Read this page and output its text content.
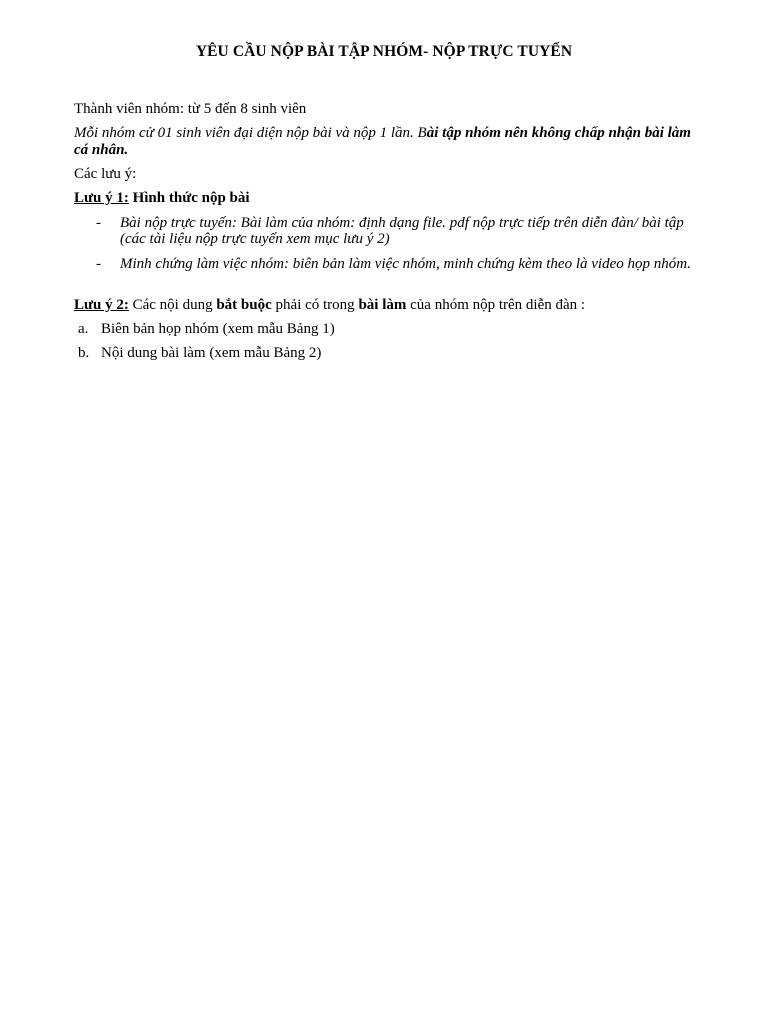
YÊU CẦU NỘP BÀI TẬP NHÓM- NỘP TRỰC TUYẾN
Thành viên nhóm: từ 5 đến 8 sinh viên
Mỗi nhóm cử 01 sinh viên đại diện nộp bài và nộp 1 lần. Bài tập nhóm nên không chấp nhận bài làm cá nhân.
Các lưu ý:
Lưu ý 1: Hình thức nộp bài
- Bài nộp trực tuyến: Bài làm của nhóm: định dạng file. pdf nộp trực tiếp trên diễn đàn/ bài tập (các tài liệu nộp trực tuyến xem mục lưu ý 2)
- Minh chứng làm việc nhóm: biên bản làm việc nhóm, minh chứng kèm theo là video họp nhóm.
Lưu ý 2: Các nội dung bắt buộc phải có trong bài làm của nhóm nộp trên diễn đàn :
a. Biên bản họp nhóm (xem mẫu Bảng 1)
b. Nội dung bài làm (xem mẫu Bảng 2)
